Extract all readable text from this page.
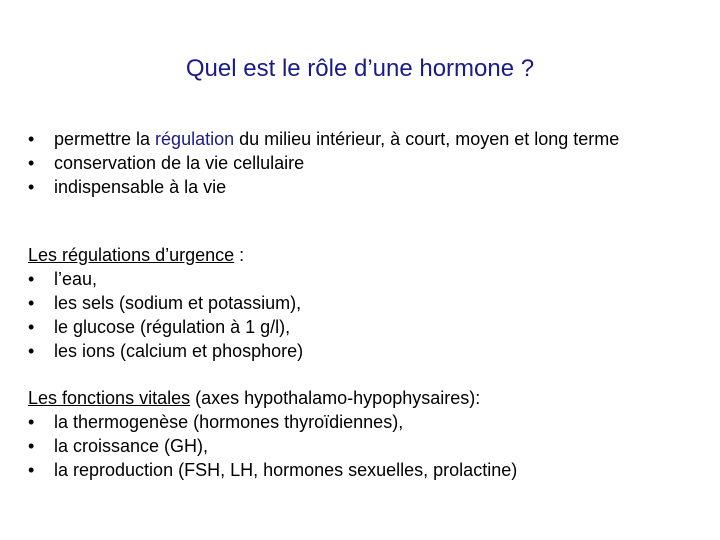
Quel est le rôle d’une hormone ?
• permettre la régulation du milieu intérieur, à court, moyen et long terme
• conservation de la vie cellulaire
• indispensable à la vie
Les régulations d’urgence :
• l’eau,
• les sels (sodium et potassium),
• le glucose (régulation à 1 g/l),
• les ions (calcium et phosphore)
Les fonctions vitales (axes hypothalamo-hypophysaires):
• la thermogenèse (hormones thyroïdiennes),
• la croissance (GH),
• la reproduction (FSH, LH, hormones sexuelles, prolactine)
